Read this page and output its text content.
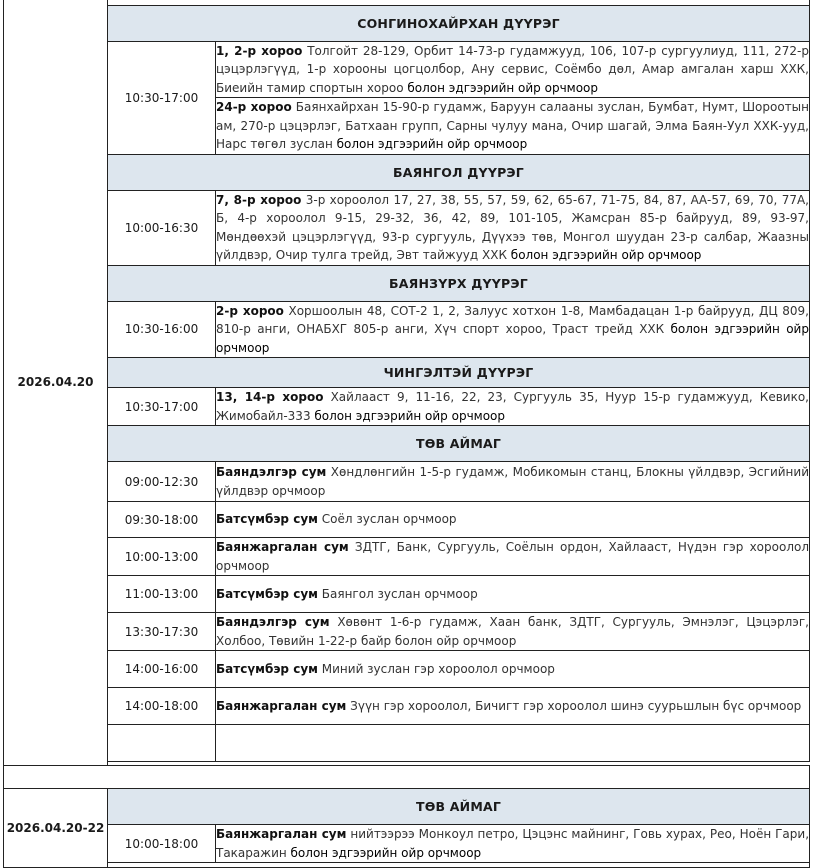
2026.04.20		
	СОНГИНОХАЙРХАН ДҮҮРЭГ	
	10:30-17:00	1, 2-р хороо Толгойт 28-129, Орбит 14-73-р гудамжууд, 106, 107-р сургуулиуд, 111, 272-р цэцэрлэгүүд, 1-р хорооны цогцолбор, Ану сервис, Соёмбо дөл, Амар амгалан харш ХХК, Биеийн тамир спортын хороо болон эдгээрийн ойр орчмоор
		24-р хороо Баянхайрхан 15-90-р гудамж, Баруун салааны зуслан, Бумбат, Нумт, Шороотын ам, 270-р цэцэрлэг, Батхаан групп, Сарны чулуу мана, Очир шагай, Элма Баян-Уул ХХК-ууд, Нарс төгөл зуслан болон эдгээрийн ойр орчмоор
	БАЯНГОЛ ДҮҮРЭГ	
	10:00-16:30	7, 8-р хороо 3-р хороолол 17, 27, 38, 55, 57, 59, 62, 65-67, 71-75, 84, 87, АА-57, 69, 70, 77А, Б, 4-р хороолол 9-15, 29-32, 36, 42, 89, 101-105, Жамсран 85-р байрууд, 89, 93-97, Мөндөөхэй цэцэрлэгүүд, 93-р сургууль, Дүүхээ төв, Монгол шуудан 23-р салбар, Жаазны үйлдвэр, Очир тулга трейд, Эвт тайжууд ХХК болон эдгээрийн ойр орчмоор
	БАЯНЗҮРХ ДҮҮРЭГ	
	10:30-16:00	2-р хороо Хоршоолын 48, СОТ-2 1, 2, Залуус хотхон 1-8, Мамбадацан 1-р байрууд, ДЦ 809, 810-р анги, ОНАБХГ 805-р анги, Хүч спорт хороо, Траст трейд ХХК болон эдгээрийн ойр орчмоор
	ЧИНГЭЛТЭЙ ДҮҮРЭГ	
	10:30-17:00	13, 14-р хороо Хайлааст 9, 11-16, 22, 23, Сургууль 35, Нуур 15-р гудамжууд, Кевико, Жимобайл-333 болон эдгээрийн ойр орчмоор
	ТӨВ АЙМАГ	
	09:00-12:30	Баяндэлгэр сум Хөндлөнгийн 1-5-р гудамж, Мобикомын станц, Блокны үйлдвэр, Эсгийний үйлдвэр орчмоор
	09:30-18:00	Батсүмбэр сум Соёл зуслан орчмоор
	10:00-13:00	Баянжаргалан сум ЗДТГ, Банк, Сургууль, Соёлын ордон, Хайлааст, Нүдэн гэр хороолол орчмоор
	11:00-13:00	Батсүмбэр сум Баянгол зуслан орчмоор
	13:30-17:30	Баяндэлгэр сум Хөвөнт 1-6-р гудамж, Хаан банк, ЗДТГ, Сургууль, Эмнэлэг, Цэцэрлэг, Холбоо, Төвийн 1-22-р байр болон ойр орчмоор
	14:00-16:00	Батсүмбэр сум Миний зуслан гэр хороолол орчмоор
	14:00-18:00	Баянжаргалан сум Зүүн гэр хороолол, Бичигт гэр хороолол шинэ суурьшлын бүс орчмоор

2026.04.20-22	ТӨВ АЙМАГ	
	10:00-18:00	Баянжаргалан сум нийтээрээ Монкоул петро, Цэцэнс майнинг, Говь хурах, Рео, Ноён Гари, Такаражин болон эдгээрийн ойр орчмоор
